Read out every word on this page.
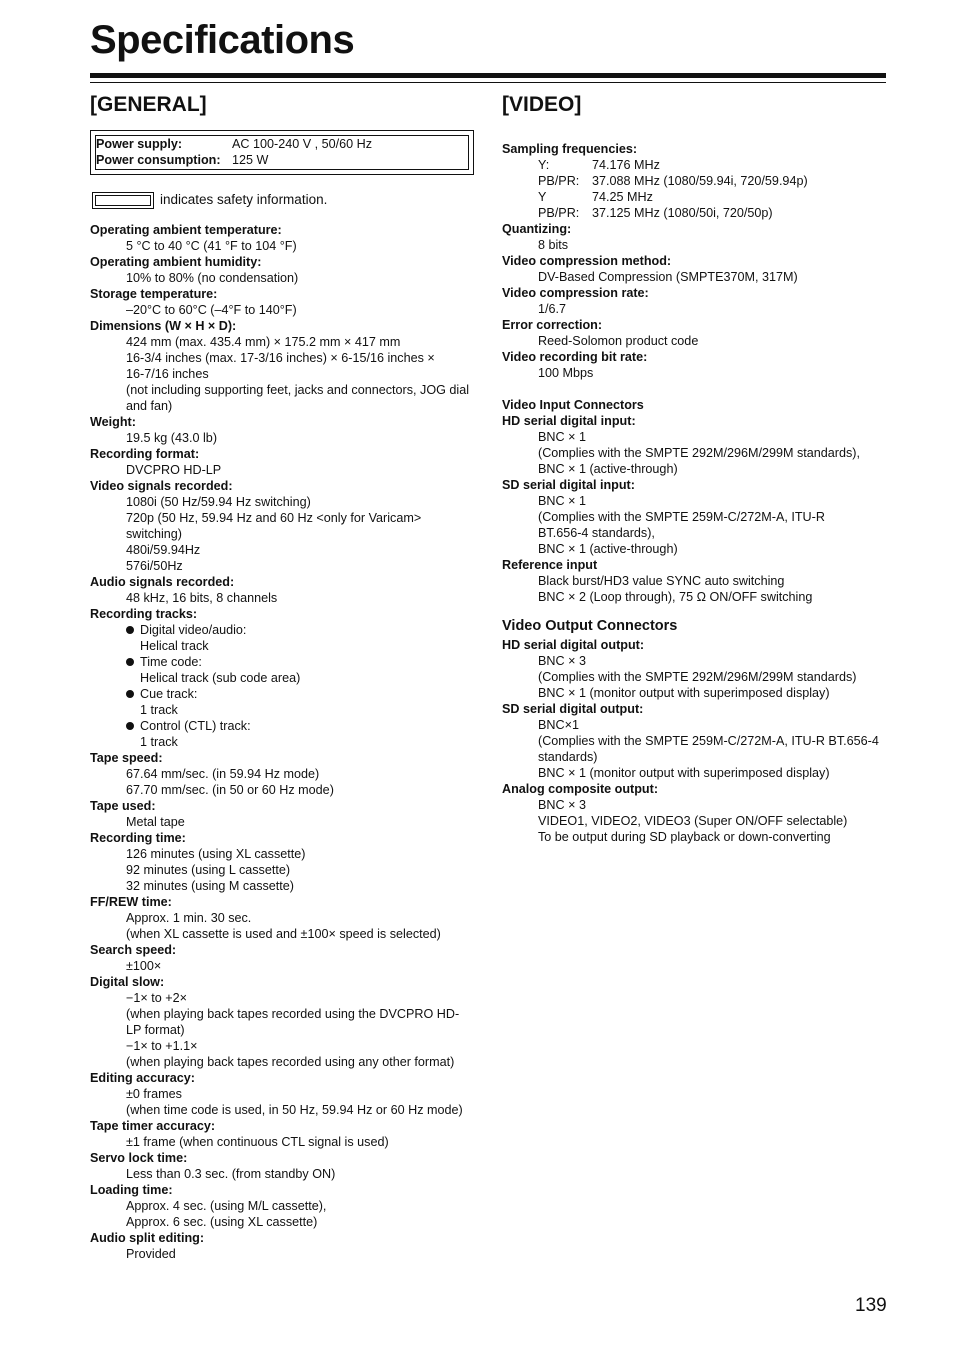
Specifications
[GENERAL]	[VIDEO]
Power supply:	AC 100-240 V , 50/60 Hz
Power consumption: 125 W
indicates safety information.
Operating ambient temperature:
5 °C to 40 °C (41 °F to 104 °F)
Operating ambient humidity:
10% to 80% (no condensation)
Storage temperature:
–20°C to 60°C (–4°F to 140°F)
Dimensions (W × H × D):
424 mm (max. 435.4 mm) × 175.2 mm × 417 mm
16-3/4 inches (max. 17-3/16 inches) × 6-15/16 inches ×
16-7/16 inches
(not including supporting feet, jacks and connectors, JOG dial
and fan)
Weight:
19.5 kg (43.0 lb)
Recording format:
DVCPRO HD-LP
Video signals recorded:
1080i (50 Hz/59.94 Hz switching)
720p (50 Hz, 59.94 Hz and 60 Hz <only for Varicam>
switching)
480i/59.94Hz
576i/50Hz
Audio signals recorded:
48 kHz, 16 bits, 8 channels
Recording tracks:
Digital video/audio:
Helical track
Time code:
Helical track (sub code area)
Cue track:
1 track
Control (CTL) track:
1 track
Tape speed:
67.64 mm/sec. (in 59.94 Hz mode)
67.70 mm/sec. (in 50 or 60 Hz mode)
Tape used:
Metal tape
Recording time:
126 minutes (using XL cassette)
92 minutes (using L cassette)
32 minutes (using M cassette)
FF/REW time:
Approx. 1 min. 30 sec.
(when XL cassette is used and ±100× speed is selected)
Search speed:
±100×
Digital slow:
−1× to +2×
(when playing back tapes recorded using the DVCPRO HD-
LP format)
−1× to +1.1×
(when playing back tapes recorded using any other format)
Editing accuracy:
±0 frames
(when time code is used, in 50 Hz, 59.94 Hz or 60 Hz mode)
Tape timer accuracy:
±1 frame (when continuous CTL signal is used)
Servo lock time:
Less than 0.3 sec. (from standby ON)
Loading time:
Approx. 4 sec. (using M/L cassette),
Approx. 6 sec. (using XL cassette)
Audio split editing:
Provided
Sampling frequencies:
Y:	74.176 MHz
PB/PR:	37.088 MHz (1080/59.94i, 720/59.94p)
Y	74.25 MHz
PB/PR:	37.125 MHz (1080/50i, 720/50p)
Quantizing:
8 bits
Video compression method:
DV-Based Compression (SMPTE370M, 317M)
Video compression rate:
1/6.7
Error correction:
Reed-Solomon product code
Video recording bit rate:
100 Mbps
Video Input Connectors
HD serial digital input:
BNC × 1
(Complies with the SMPTE 292M/296M/299M standards),
BNC × 1 (active-through)
SD serial digital input:
BNC × 1
(Complies with the SMPTE 259M-C/272M-A, ITU-R
BT.656-4 standards),
BNC × 1 (active-through)
Reference input
Black burst/HD3 value SYNC auto switching
BNC × 2 (Loop through), 75 Ω ON/OFF switching
Video Output Connectors
HD serial digital output:
BNC × 3
(Complies with the SMPTE 292M/296M/299M standards)
BNC × 1 (monitor output with superimposed display)
SD serial digital output:
BNC×1
(Complies with the SMPTE 259M-C/272M-A, ITU-R BT.656-4
standards)
BNC × 1 (monitor output with superimposed display)
Analog composite output:
BNC × 3
VIDEO1, VIDEO2, VIDEO3 (Super ON/OFF selectable)
To be output during SD playback or down-converting
139
